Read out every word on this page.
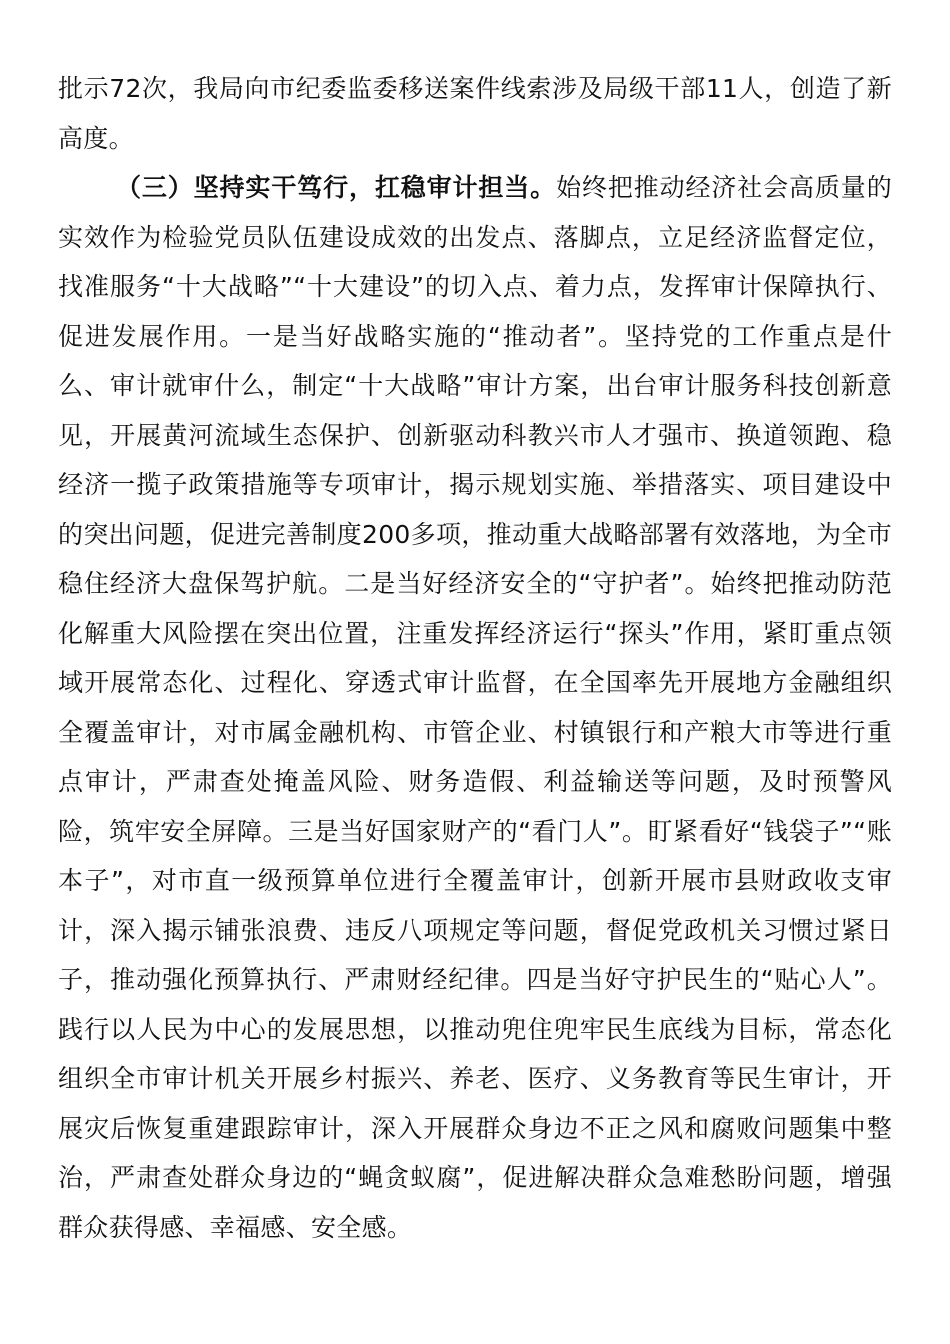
批示72次，我局向市纪委监委移送案件线索涉及局级干部11人，创造了新高度。

（三）坚持实干笃行，扛稳审计担当。始终把推动经济社会高质量的实效作为检验党员队伍建设成效的出发点、落脚点，立足经济监督定位，找准服务“十大战略”“十大建设”的切入点、着力点，发挥审计保障执行、促进发展作用。一是当好战略实施的“推动者”。坚持党的工作重点是什么、审计就审什么，制定“十大战略”审计方案，出台审计服务科技创新意见，开展黄河流域生态保护、创新驱动科教兴市人才强市、换道领跑、稳经济一揽子政策措施等专项审计，揭示规划实施、举措落实、项目建设中的突出问题，促进完善制度200多项，推动重大战略部署有效落地，为全市稳住经济大盘保驾护航。二是当好经济安全的“守护者”。始终把推动防范化解重大风险摆在突出位置，注重发挥经济运行“探头”作用，紧盯重点领域开展常态化、过程化、穿透式审计监督，在全国率先开展地方金融组织全覆盖审计，对市属金融机构、市管企业、村镇银行和产粮大市等进行重点审计，严肃查处掩盖风险、财务造假、利益输送等问题，及时预警风险，筑牢安全屏障。三是当好国家财产的“看门人”。盯紧看好“钱袋子”“账本子”，对市直一级预算单位进行全覆盖审计，创新开展市县财政收支审计，深入揭示铺张浪费、违反八项规定等问题，督促党政机关习惯过紧日子，推动强化预算执行、严肃财经纪律。四是当好守护民生的“贴心人”。践行以人民为中心的发展思想，以推动兜住兜牢民生底线为目标，常态化组织全市审计机关开展乡村振兴、养老、医疗、义务教育等民生审计，开展灾后恢复重建跟踪审计，深入开展群众身边不正之风和腐败问题集中整治，严肃查处群众身边的“蝇贪蚁腐”，促进解决群众急难愁盼问题，增强群众获得感、幸福感、安全感。
